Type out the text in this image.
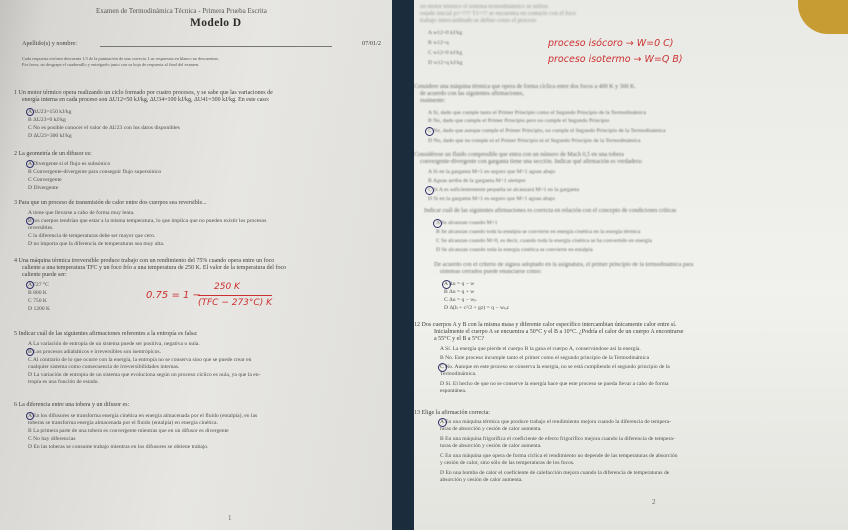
Examen de Termodinámica Técnica - Primera Prueba Escrita
Modelo D
Apellido(s) y nombre:	07/01/2
Cada respuesta errónea descuenta 1/3 de la puntuación de una correcta. Las respuestas en blanco no descuentan.
Por favor, no desgrape el cuadernillo y entréguelo junto con su hoja de respuesta al final del examen.
1 Un motor térmico opera realizando un ciclo formado por cuatro procesos, y se sabe que las variaciones de
energía interna en cada proceso son ΔU12=50 kJ/kg, ΔU34=100 kJ/kg, ΔU41=300 kJ/kg. En este caso:
A ΔU23=150 kJ/kg
B ΔU23=0 kJ/kg
C No es posible conocer el valor de ΔU23 con los datos disponibles
D ΔU23=300 kJ/kg
2 La geometría de un difusor es:
A Divergente si el flujo es subsónico
B Convergente-divergente para conseguir flujo supersónico
C Convergente
D Divergente
3 Para que un proceso de transmisión de calor entre dos cuerpos sea reversible...
A tiene que llevarse a cabo de forma muy lenta.
B los cuerpos tendrían que estar a la misma temperatura, lo que implica que no pueden existir los procesos
reversibles.
C la diferencia de temperaturas debe ser mayor que cero.
D no importa que la diferencia de temperaturas sea muy alta.
4 Una máquina térmica irreversible produce trabajo con un rendimiento del 75% cuando opera entre un foco
caliente a una temperatura TFC y un foco frío a una temperatura de 250 K. El valor de la temperatura del foco
caliente puede ser:
A 727 °C
B 800 K
C 750 K
D 1200 K
0.75 = 1 −
250 K
(TFC − 273°C) K
5 Indicar cuál de las siguientes afirmaciones referentes a la entropía es falsa:
A La variación de entropía de un sistema puede ser positiva, negativa o nula.
B Los procesos adiabáticos e irreversibles son isentrópicos.
C Al contrario de lo que ocurre con la energía, la entropía no se conserva sino que se puede crear en
cualquier sistema como consecuencia de irreversibilidades internas.
D La variación de entropía de un sistema que evoluciona según un proceso cíclico es nula, ya que la en-
tropía es una función de estado.
6 La diferencia entre una tobera y un difusor es:
A En los difusores se transforma energía cinética en energía almacenada por el fluido (entalpía), en las
toberas se transforma energía almacenada por el fluido (entalpía) en energía cinética.
B La primera parte de una tobera es convergente mientras que en un difusor es divergente
C No hay diferencias
D En las toberas se consume trabajo mientras en los difusores se obtiene trabajo.
1
un motor térmico el sistema termodinámico se utiliza
estado inicial p1=??? T1=?? se encuentra en contacto con el foco
trabajo intercambiado se define como el proceso
A w12=0 kJ/kg
B w12=q
C w12=0 kJ/kg
D w12=q kJ/kg
proceso isócoro → W=0 C)
proceso isotermo → W=Q B)
Considere una máquina térmica que opera de forma cíclica entre dos focos a 400 K y 300 K.
de acuerdo con las siguientes afirmaciones,
realmente:
A Si, dado que cumple tanto el Primer Principio como el Segundo Principio de la Termodinámica
B No, dado que cumple el Primer Principio pero no cumple el Segundo Principio
C No, dado que aunque cumple el Primer Principio, no cumple el Segundo Principio de la Termodinámica
D No, dado que no cumple ni el Primer Principio ni el Segundo Principio de la Termodinámica
Considérese un fluido compresible que entra con un número de Mach 0,5 en una tobera
convergente-divergente con garganta tiene una sección. Indicar qué afirmación es verdadera:
A Si en la garganta M=1 en seguro que M<1 aguas abajo
B Aguas arriba de la garganta M<1 siempre
C Si A es suficientemente pequeña se alcanzará M=1 en la garganta
D Si en la garganta M=1 es seguro que M>1 aguas abajo
Indicar cuál de las siguientes afirmaciones es correcta en relación con el concepto de condiciones críticas
A Se alcanzan cuando M=1
B Se alcanzan cuando toda la entalpía se convierte en energía cinética en la energía térmica
C Se alcanzan cuando M=0, es decir, cuando toda la energía cinética se ha convertido en energía
D Se alcanzan cuando toda la energía cinética se convierte en entalpía
De acuerdo con el criterio de signos adoptado en la asignatura, el primer principio de la termodinámica para
sistemas cerrados puede enunciarse como:
A Δu = q − w
B Δu = q + w
C Δu = q − wₚ
D Δ(h + c²/2 + gz) = q − wₜₑc
12 Dos cuerpos A y B con la misma masa y diferente calor específico intercambian únicamente calor entre sí.
Inicialmente el cuerpo A se encuentra a 50°C y el B a 10°C. ¿Podría el calor de un cuerpo A encontrarse
a 55°C y el B a 5°C?
A Sí. La energía que pierde el cuerpo B la gana el cuerpo A, conservándose así la energía.
B No. Este proceso incumple tanto el primer como el segundo principio de la Termodinámica
C No. Aunque en este proceso se conserva la energía, no se está cumpliendo el segundo principio de la
Termodinámica.
D Sí. El hecho de que no se conserve la energía hace que este proceso se pueda llevar a cabo de forma
espontánea.
13 Elige la afirmación correcta:
A En una máquina térmica que produce trabajo el rendimiento mejora cuando la diferencia de tempera-
turas de absorción y cesión de calor aumenta.
B En una máquina frigorífica el coeficiente de efecto frigorífico mejora cuando la diferencia de tempera-
turas de absorción y cesión de calor aumenta.
C En una máquina que opera de forma cíclica el rendimiento no depende de las temperaturas de absorción
y cesión de calor, sino sólo de las temperaturas de los focos.
D En una bomba de calor el coeficiente de calefacción mejora cuando la diferencia de temperaturas de
absorción y cesión de calor aumenta.
2
